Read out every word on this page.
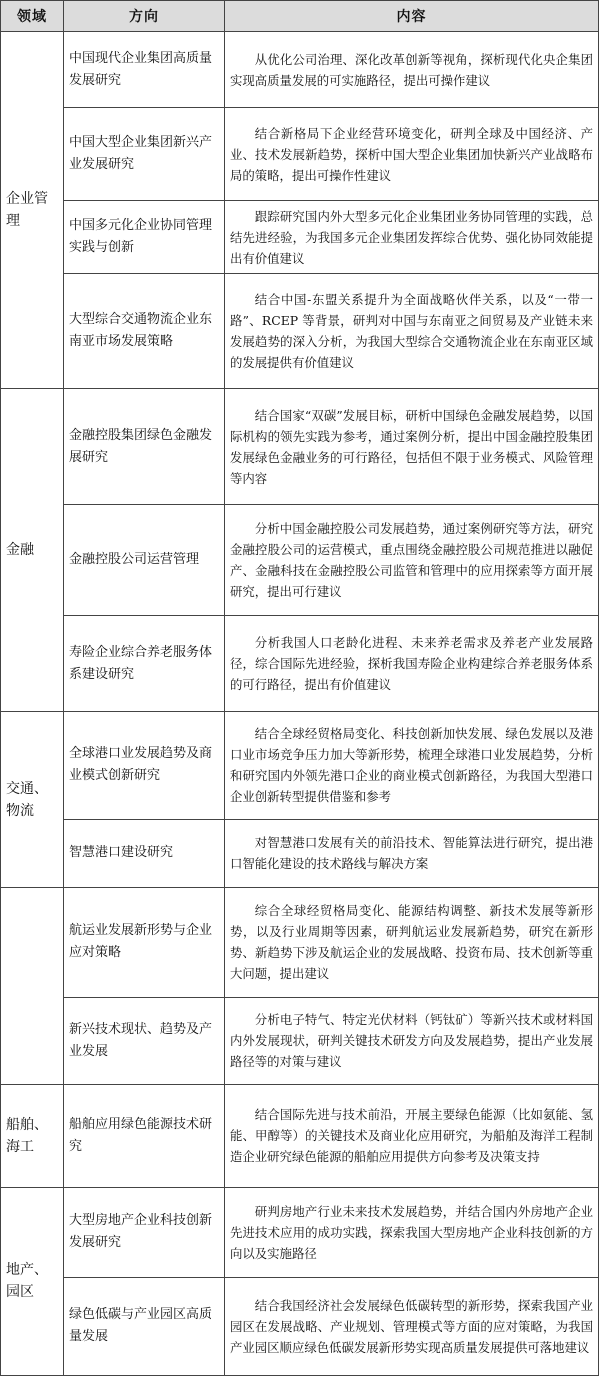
领域	方向	内容
企业管理	中国现代企业集团高质量发展研究	从优化公司治理、深化改革创新等视角，探析现代化央企集团实现高质量发展的可实施路径，提出可操作建议

	中国大型企业集团新兴产业发展研究	结合新格局下企业经营环境变化，研判全球及中国经济、产业、技术发展新趋势，探析中国大型企业集团加快新兴产业战略布局的策略，提出可操作性建议

	中国多元化企业协同管理实践与创新	跟踪研究国内外大型多元化企业集团业务协同管理的实践，总结先进经验，为我国多元企业集团发挥综合优势、强化协同效能提出有价值建议

	大型综合交通物流企业东南亚市场发展策略	结合中国-东盟关系提升为全面战略伙伴关系，以及“一带一路”、RCEP 等背景，研判对中国与东南亚之间贸易及产业链未来发展趋势的深入分析，为我国大型综合交通物流企业在东南亚区域的发展提供有价值建议

金融	金融控股集团绿色金融发展研究	结合国家“双碳”发展目标，研析中国绿色金融发展趋势，以国际机构的领先实践为参考，通过案例分析，提出中国金融控股集团发展绿色金融业务的可行路径，包括但不限于业务模式、风险管理等内容

	金融控股公司运营管理	分析中国金融控股公司发展趋势，通过案例研究等方法，研究金融控股公司的运营模式，重点围绕金融控股公司规范推进以融促产、金融科技在金融控股公司监管和管理中的应用探索等方面开展研究，提出可行建议

	寿险企业综合养老服务体系建设研究	分析我国人口老龄化进程、未来养老需求及养老产业发展路径，综合国际先进经验，探析我国寿险企业构建综合养老服务体系的可行路径，提出有价值建议

交通、物流	全球港口业发展趋势及商业模式创新研究	结合全球经贸格局变化、科技创新加快发展、绿色发展以及港口业市场竞争压力加大等新形势，梳理全球港口业发展趋势，分析和研究国内外领先港口企业的商业模式创新路径，为我国大型港口企业创新转型提供借鉴和参考

	智慧港口建设研究	对智慧港口发展有关的前沿技术、智能算法进行研究，提出港口智能化建设的技术路线与解决方案

	航运业发展新形势与企业应对策略	综合全球经贸格局变化、能源结构调整、新技术发展等新形势，以及行业周期等因素，研判航运业发展新趋势，研究在新形势、新趋势下涉及航运企业的发展战略、投资布局、技术创新等重大问题，提出建议

	新兴技术现状、趋势及产业发展	分析电子特气、特定光伏材料（钙钛矿）等新兴技术或材料国内外发展现状，研判关键技术研发方向及发展趋势，提出产业发展路径等的对策与建议

船舶、海工	船舶应用绿色能源技术研究	结合国际先进与技术前沿，开展主要绿色能源（比如氨能、氢能、甲醇等）的关键技术及商业化应用研究，为船舶及海洋工程制造企业研究绿色能源的船舶应用提供方向参考及决策支持

地产、园区	大型房地产企业科技创新发展研究	研判房地产行业未来技术发展趋势，并结合国内外房地产企业先进技术应用的成功实践，探索我国大型房地产企业科技创新的方向以及实施路径

	绿色低碳与产业园区高质量发展	结合我国经济社会发展绿色低碳转型的新形势，探索我国产业园区在发展战略、产业规划、管理模式等方面的应对策略，为我国产业园区顺应绿色低碳发展新形势实现高质量发展提供可落地建议
